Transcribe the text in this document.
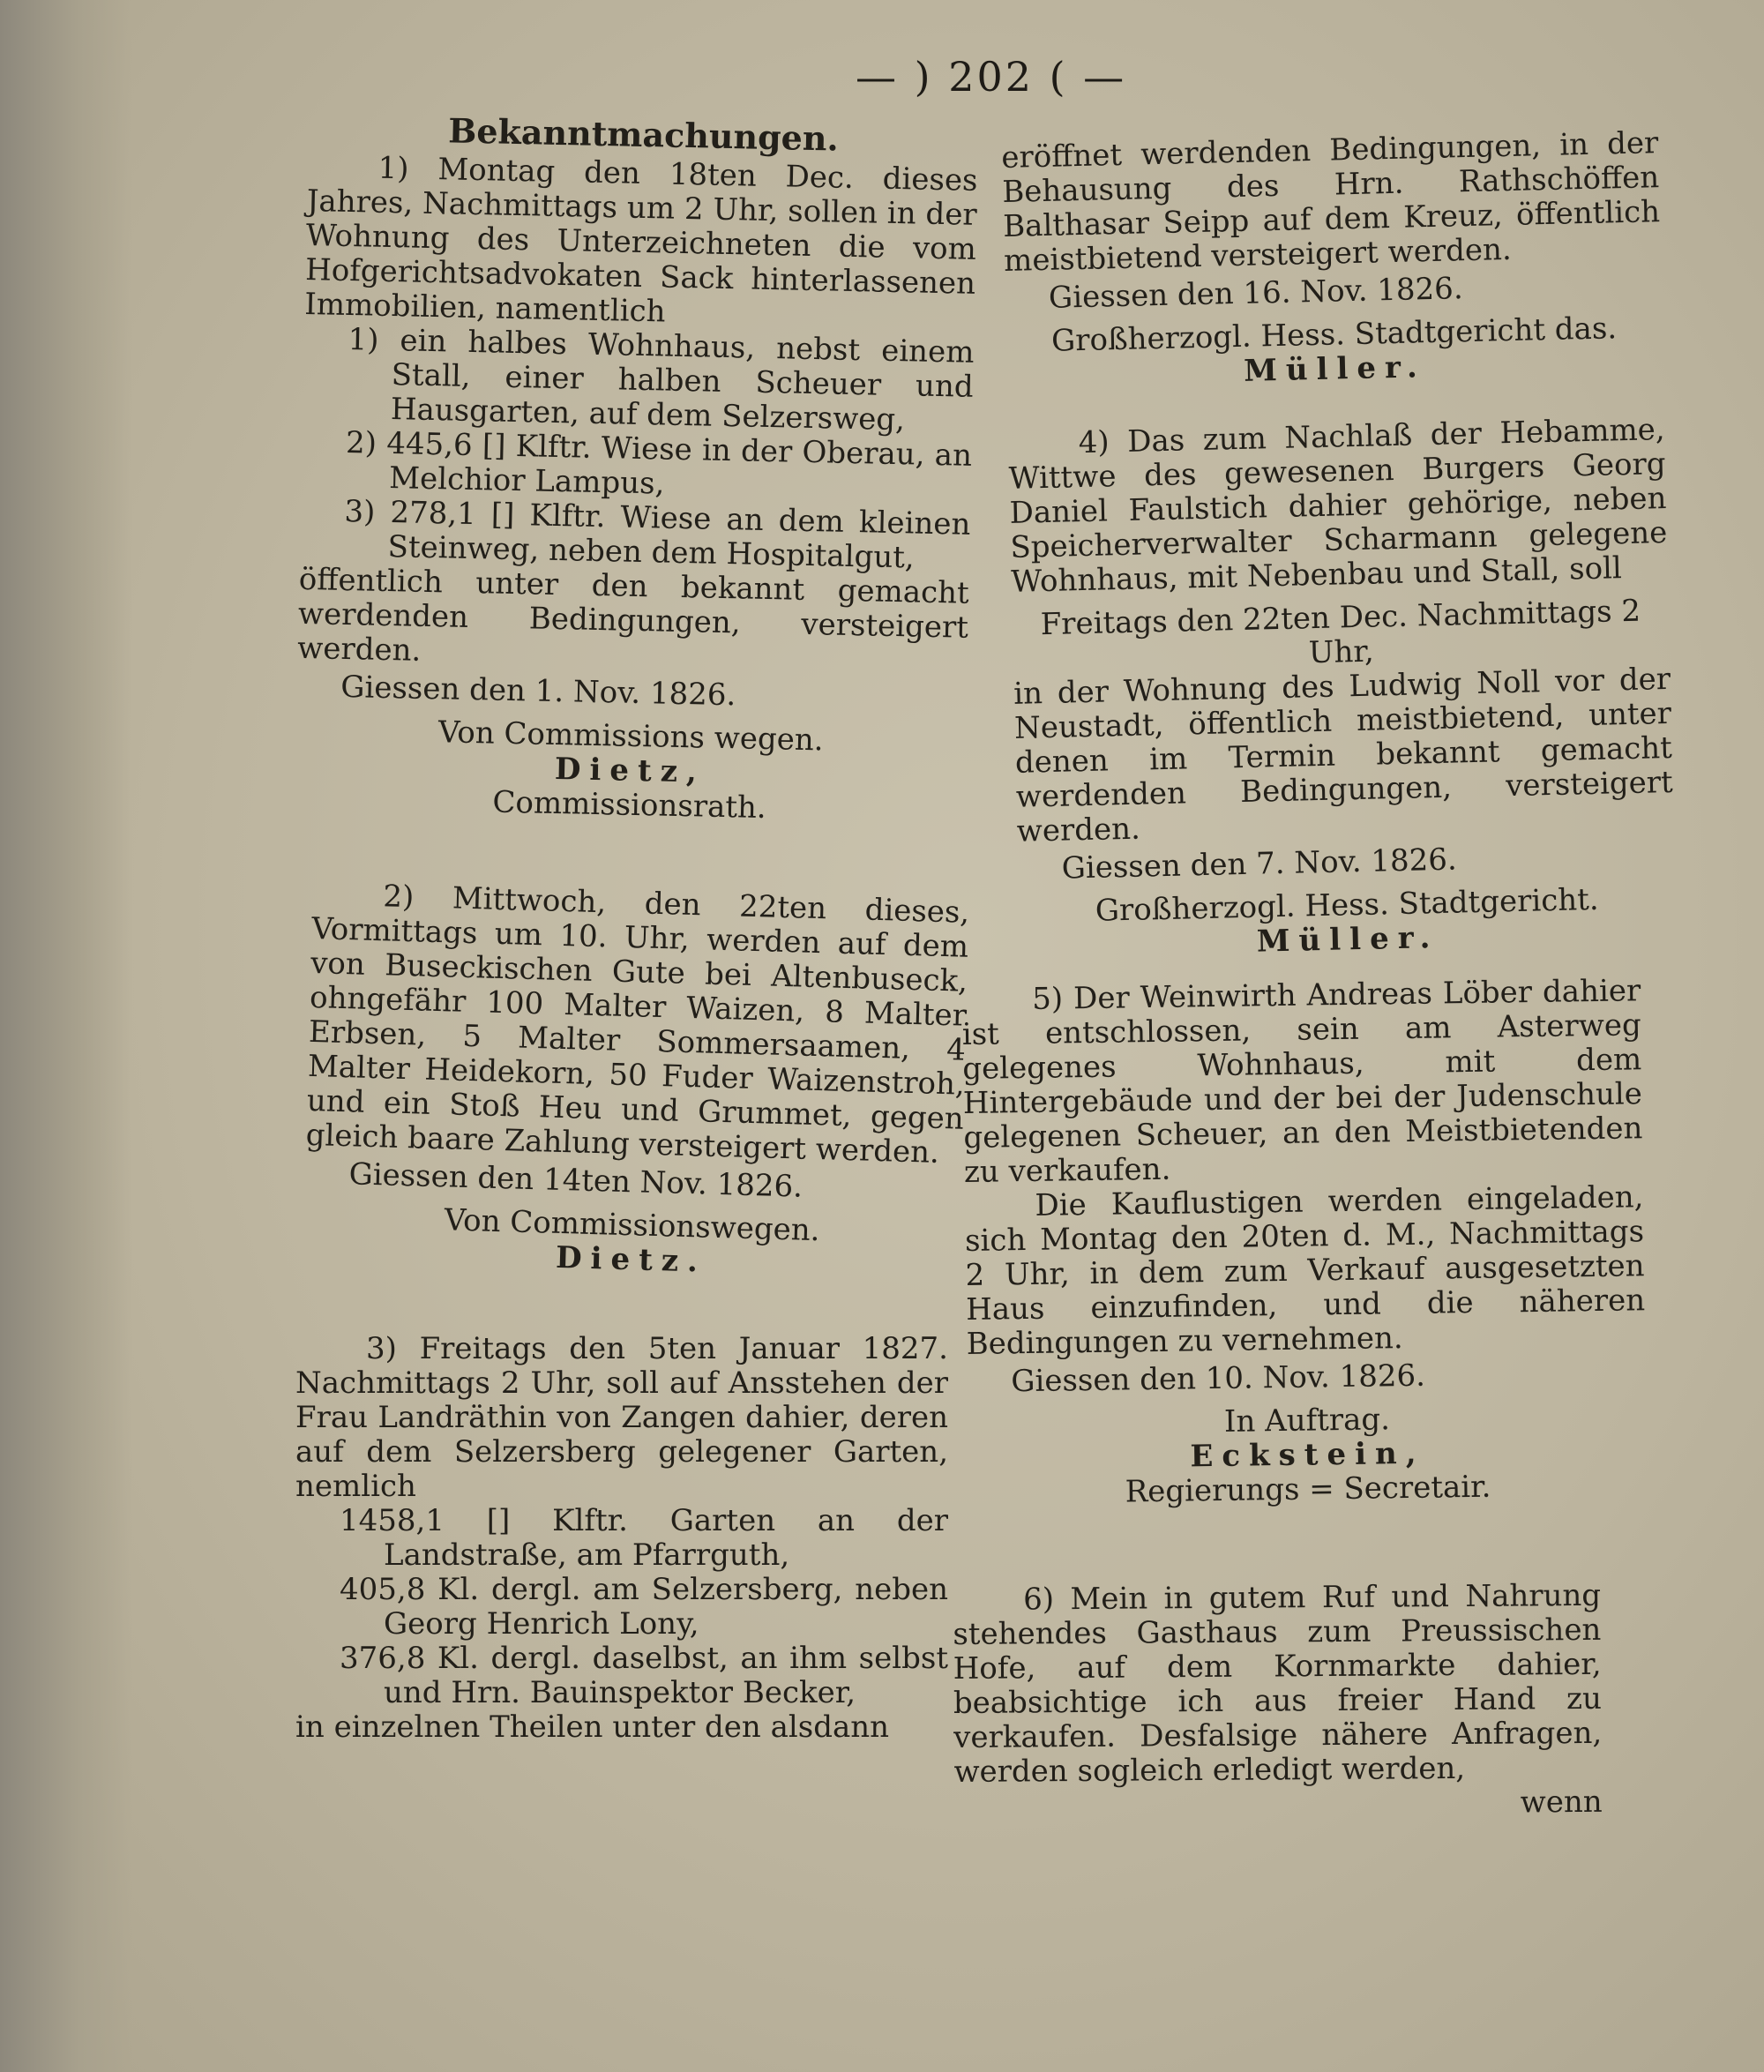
— ) 202 ( —
Bekanntmachungen.

1) Montag den 18ten Dec. dieses Jahres, Nachmittags um 2 Uhr, sollen in der Wohnung des Unterzeichneten die vom Hofgerichtsadvokaten Sack hinterlassenen Immobilien, namentlich

1) ein halbes Wohnhaus, nebst einem Stall, einer halben Scheuer und Hausgarten, auf dem Selzersweg,

2) 445,6 [] Klftr. Wiese in der Oberau, an Melchior Lampus,

3) 278,1 [] Klftr. Wiese an dem kleinen Steinweg, neben dem Hospitalgut,

öffentlich unter den bekannt gemacht werdenden Bedingungen, versteigert werden.

Giessen den 1. Nov. 1826.

Von Commissions wegen.
Dietz,
Commissionsrath.

2) Mittwoch, den 22ten dieses, Vormittags um 10. Uhr, werden auf dem von Buseckischen Gute bei Altenbuseck, ohngefähr 100 Malter Waizen, 8 Malter Erbsen, 5 Malter Sommersaamen, 4 Malter Heidekorn, 50 Fuder Waizenstroh, und ein Stoß Heu und Grummet, gegen gleich baare Zahlung versteigert werden.

Giessen den 14ten Nov. 1826.

Von Commissionswegen.
Dietz.

3) Freitags den 5ten Januar 1827. Nachmittags 2 Uhr, soll auf Ansstehen der Frau Landräthin von Zangen dahier, deren auf dem Selzersberg gelegener Garten, nemlich

1458,1 [] Klftr. Garten an der Landstraße, am Pfarrguth,

405,8 Kl. dergl. am Selzersberg, neben Georg Henrich Lony,

376,8 Kl. dergl. daselbst, an ihm selbst und Hrn. Bauinspektor Becker,

in einzelnen Theilen unter den alsdann

eröffnet werdenden Bedingungen, in der Behausung des Hrn. Rathschöffen Balthasar Seipp auf dem Kreuz, öffentlich meistbietend versteigert werden.

Giessen den 16. Nov. 1826.

Großherzogl. Hess. Stadtgericht das.
Müller.

4) Das zum Nachlaß der Hebamme, Wittwe des gewesenen Burgers Georg Daniel Faulstich dahier gehörige, neben Speicherverwalter Scharmann gelegene Wohnhaus, mit Nebenbau und Stall, soll

Freitags den 22ten Dec. Nachmittags 2 Uhr,

in der Wohnung des Ludwig Noll vor der Neustadt, öffentlich meistbietend, unter denen im Termin bekannt gemacht werdenden Bedingungen, versteigert werden.

Giessen den 7. Nov. 1826.

Großherzogl. Hess. Stadtgericht.
Müller.

5) Der Weinwirth Andreas Löber dahier ist entschlossen, sein am Asterweg gelegenes Wohnhaus, mit dem Hintergebäude und der bei der Judenschule gelegenen Scheuer, an den Meistbietenden zu verkaufen.

Die Kauflustigen werden eingeladen, sich Montag den 20ten d. M., Nachmittags 2 Uhr, in dem zum Verkauf ausgesetzten Haus einzufinden, und die näheren Bedingungen zu vernehmen.

Giessen den 10. Nov. 1826.

In Auftrag.
Eckstein,
Regierungs = Secretair.

6) Mein in gutem Ruf und Nahrung stehendes Gasthaus zum Preussischen Hofe, auf dem Kornmarkte dahier, beabsichtige ich aus freier Hand zu verkaufen. Desfalsige nähere Anfragen, werden sogleich erledigt werden,

wenn
